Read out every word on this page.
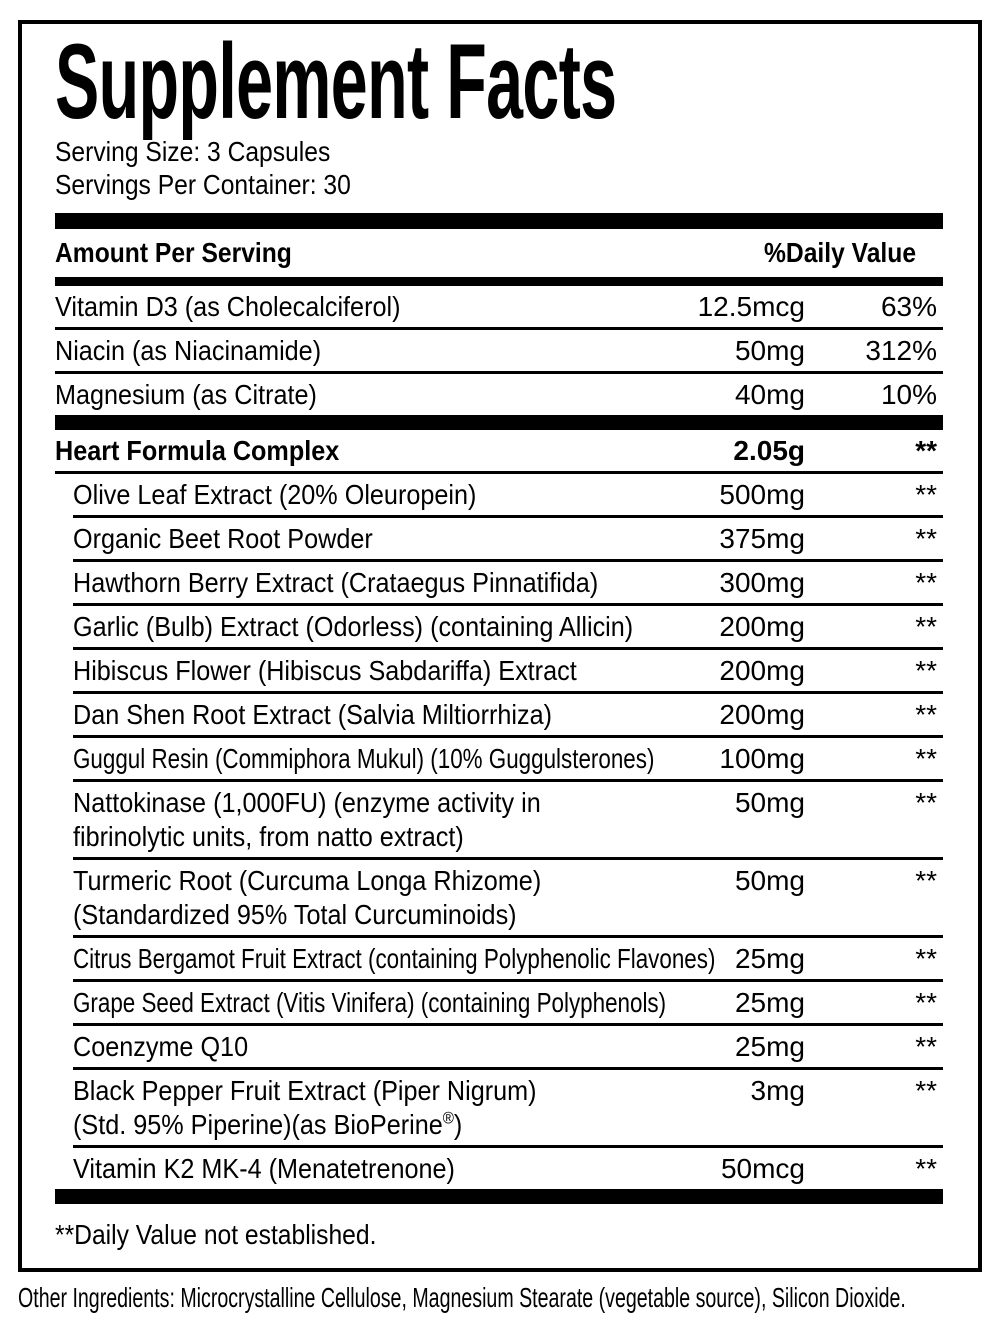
Supplement Facts
Serving Size: 3 Capsules
Servings Per Container: 30
Amount Per Serving	%Daily Value
Vitamin D3 (as Cholecalciferol)	12.5mcg	63%
Niacin (as Niacinamide)	50mg	312%
Magnesium (as Citrate)	40mg	10%
Heart Formula Complex	2.05g	**
Olive Leaf Extract (20% Oleuropein)	500mg	**
Organic Beet Root Powder	375mg	**
Hawthorn Berry Extract (Crataegus Pinnatifida)	300mg	**
Garlic (Bulb) Extract (Odorless) (containing Allicin)	200mg	**
Hibiscus Flower (Hibiscus Sabdariffa) Extract	200mg	**
Dan Shen Root Extract (Salvia Miltiorrhiza)	200mg	**
Guggul Resin (Commiphora Mukul) (10% Guggulsterones)	100mg	**
Nattokinase (1,000FU) (enzyme activity in
fibrinolytic units, from natto extract)
50mg	**
Turmeric Root (Curcuma Longa Rhizome)
(Standardized 95% Total Curcuminoids)
50mg	**
Citrus Bergamot Fruit Extract (containing Polyphenolic Flavones) 25mg	**
Grape Seed Extract (Vitis Vinifera) (containing Polyphenols)	25mg	**
Coenzyme Q10	25mg	**
Black Pepper Fruit Extract (Piper Nigrum)
(Std. 95% Piperine)(as BioPerine®)
3mg	**
Vitamin K2 MK-4 (Menatetrenone)	50mcg	**
**Daily Value not established.
Other Ingredients: Microcrystalline Cellulose, Magnesium Stearate (vegetable source), Silicon Dioxide.
